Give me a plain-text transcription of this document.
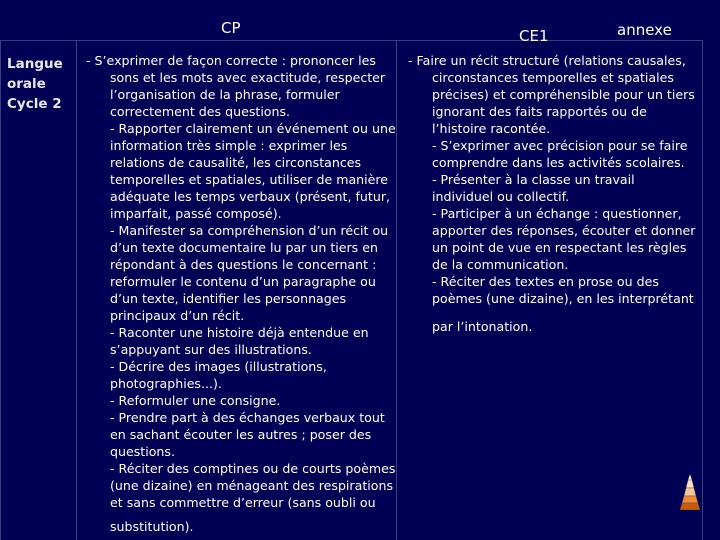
CP	CE1	annexe
Langue
orale
Cycle 2
- S’exprimer de façon correcte : prononcer les
sons et les mots avec exactitude, respecter
l’organisation de la phrase, formuler
correctement des questions.
- Rapporter clairement un événement ou une
information très simple : exprimer les
relations de causalité, les circonstances
temporelles et spatiales, utiliser de manière
adéquate les temps verbaux (présent, futur,
imparfait, passé composé).
- Manifester sa compréhension d’un récit ou
d’un texte documentaire lu par un tiers en
répondant à des questions le concernant :
reformuler le contenu d’un paragraphe ou
d’un texte, identifier les personnages
principaux d’un récit.
- Raconter une histoire déjà entendue en
s’appuyant sur des illustrations.
- Décrire des images (illustrations,
photographies...).
- Reformuler une consigne.
- Prendre part à des échanges verbaux tout
en sachant écouter les autres ; poser des
questions.
- Réciter des comptines ou de courts poèmes
(une dizaine) en ménageant des respirations
et sans commettre d’erreur (sans oubli ou
substitution).
- Faire un récit structuré (relations causales,
circonstances temporelles et spatiales
précises) et compréhensible pour un tiers
ignorant des faits rapportés ou de
l’histoire racontée.
- S’exprimer avec précision pour se faire
comprendre dans les activités scolaires.
- Présenter à la classe un travail
individuel ou collectif.
- Participer à un échange : questionner,
apporter des réponses, écouter et donner
un point de vue en respectant les règles
de la communication.
- Réciter des textes en prose ou des
poèmes (une dizaine), en les interprétant
par l’intonation.
